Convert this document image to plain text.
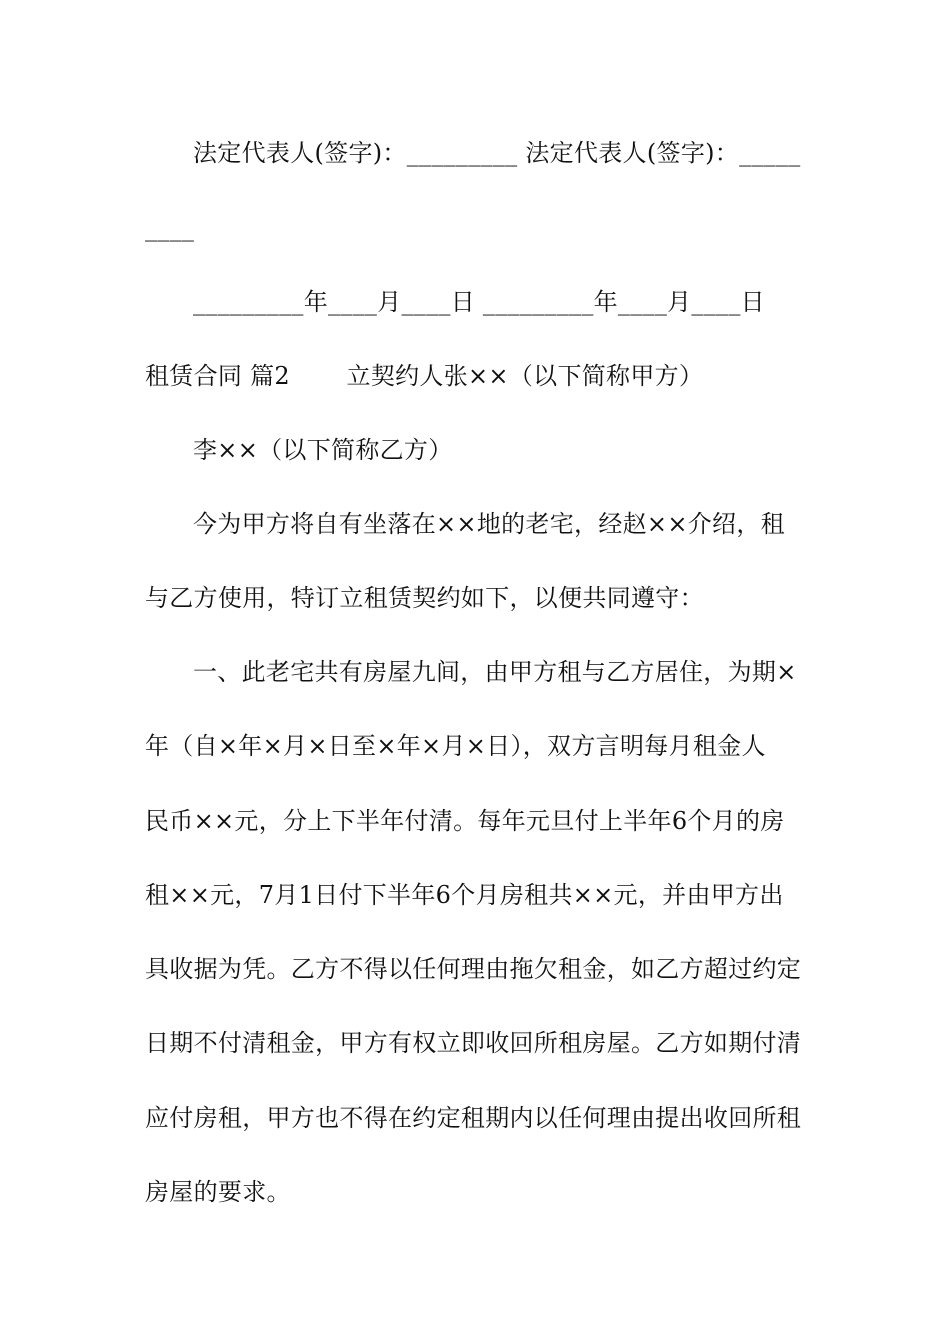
法定代表人(签字)：_________ 法定代表人(签字)：_____
____
_________年____月____日 _________年____月____日
租赁合同 篇2　　 立契约人张××（以下简称甲方）
李××（以下简称乙方）
今为甲方将自有坐落在××地的老宅，经赵××介绍，租
与乙方使用，特订立租赁契约如下，以便共同遵守：
一、此老宅共有房屋九间，由甲方租与乙方居住，为期×
年（自×年×月×日至×年×月×日），双方言明每月租金人
民币××元，分上下半年付清。每年元旦付上半年6个月的房
租××元，7月1日付下半年6个月房租共××元，并由甲方出
具收据为凭。乙方不得以任何理由拖欠租金，如乙方超过约定
日期不付清租金，甲方有权立即收回所租房屋。乙方如期付清
应付房租，甲方也不得在约定租期内以任何理由提出收回所租
房屋的要求。
